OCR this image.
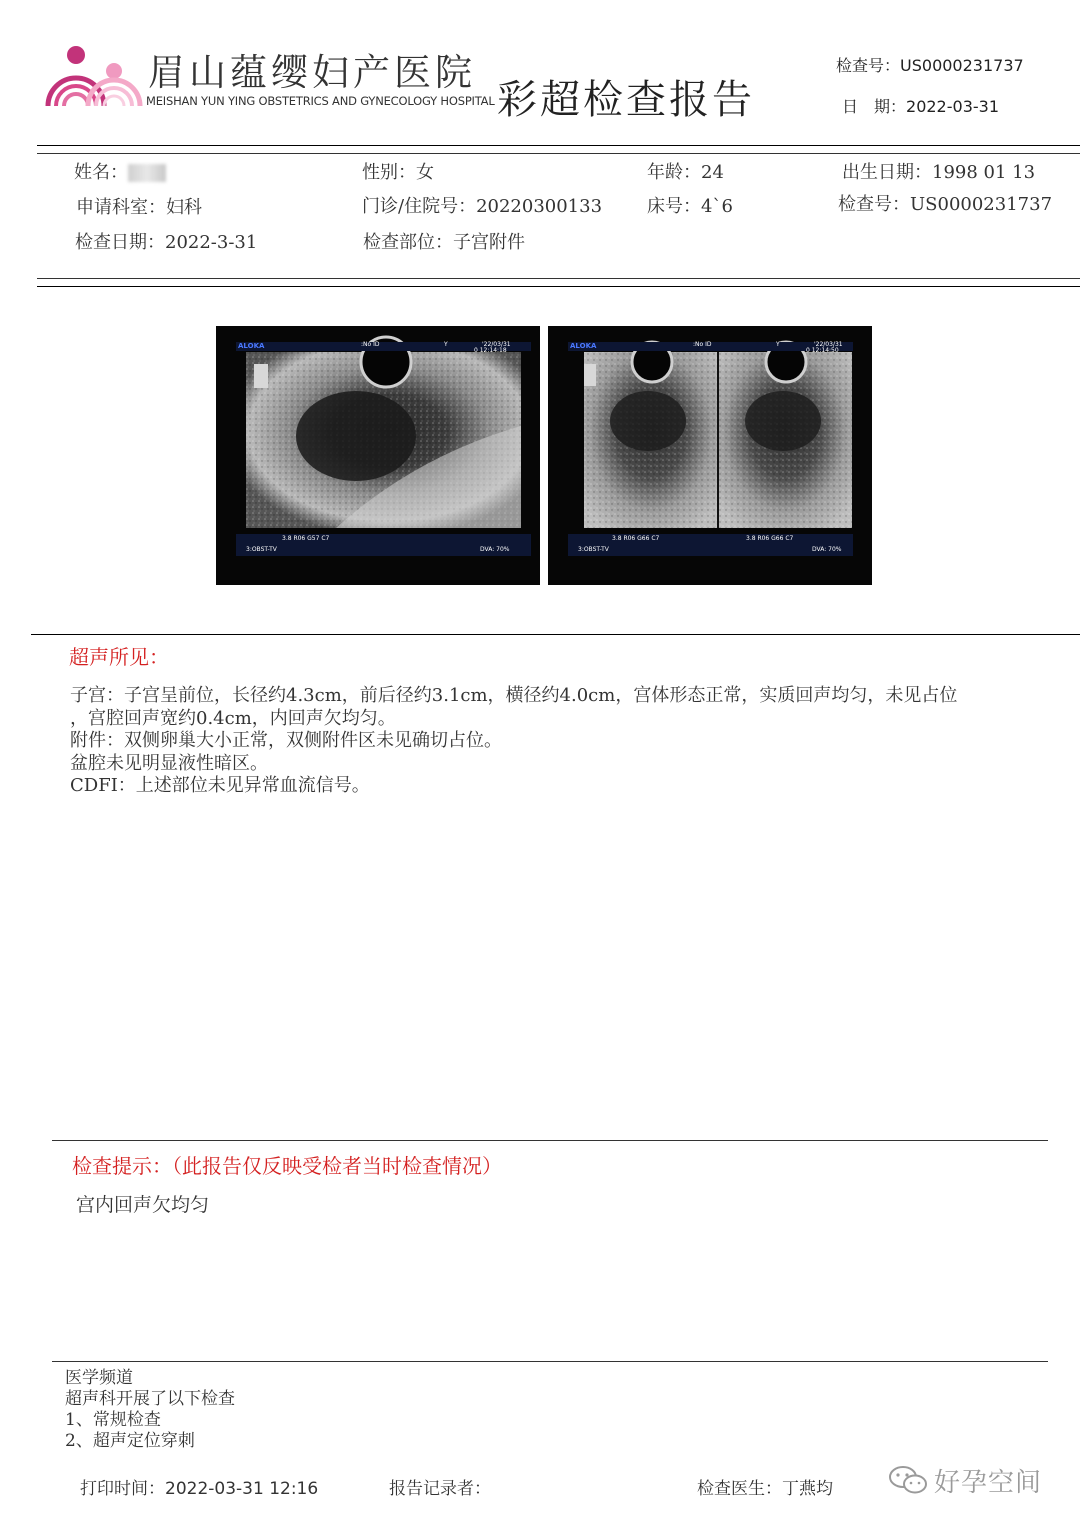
眉山蕴缨妇产医院
MEISHAN YUN YING OBSTETRICS AND GYNECOLOGY HOSPITAL 彩超检查报告
检查号：US0000231737
日　期：2022-03-31
姓名：	性别：女	年龄：24	出生日期：1998 01 13
申请科室：妇科	门诊/住院号：20220300133 床号：4`6	检查号：US0000231737
检查日期：2022-3-31	检查部位：子宫附件
ALOKA	:No ID	Y	'22/03/31
0 12:14:18
3.8 R06 G57 C7
3:OBST-TV	DVA: 70%
ALOKA	:No ID	Y	'22/03/31
0 12:14:50
3.8 R06 G66 C7	3.8 R06 G66 C7
3:OBST-TV	DVA: 70%
超声所见：
子宫：子宫呈前位，长径约4.3cm，前后径约3.1cm，横径约4.0cm，宫体形态正常，实质回声均匀，未见占位
，宫腔回声宽约0.4cm，内回声欠均匀。
附件：双侧卵巢大小正常，双侧附件区未见确切占位。
盆腔未见明显液性暗区。
CDFI：上述部位未见异常血流信号。
检查提示：（此报告仅反映受检者当时检查情况）
宫内回声欠均匀
医学频道
超声科开展了以下检查
1、常规检查
2、超声定位穿刺
打印时间：2022-03-31 12:16	报告记录者：	检查医生：丁燕均	好孕空间
